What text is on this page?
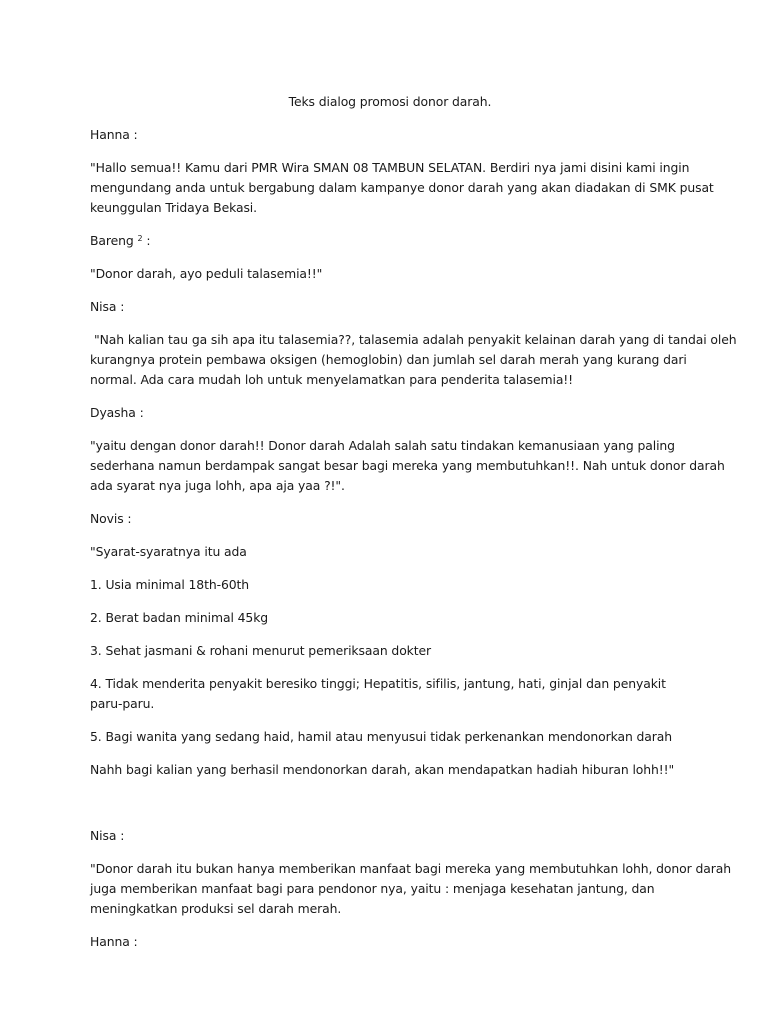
Teks dialog promosi donor darah.
Hanna :
"Hallo semua!! Kamu dari PMR Wira SMAN 08 TAMBUN SELATAN. Berdiri nya jami disini kami ingin
mengundang anda untuk bergabung dalam kampanye donor darah yang akan diadakan di SMK pusat
keunggulan Tridaya Bekasi.
Bareng $^2$ :
"Donor darah, ayo peduli talasemia!!"
Nisa :
"Nah kalian tau ga sih apa itu talasemia??, talasemia adalah penyakit kelainan darah yang di tandai oleh
kurangnya protein pembawa oksigen (hemoglobin) dan jumlah sel darah merah yang kurang dari
normal. Ada cara mudah loh untuk menyelamatkan para penderita talasemia!!
Dyasha :
"yaitu dengan donor darah!! Donor darah Adalah salah satu tindakan kemanusiaan yang paling
sederhana namun berdampak sangat besar bagi mereka yang membutuhkan!!. Nah untuk donor darah
ada syarat nya juga lohh, apa aja yaa ?!".
Novis :
"Syarat-syaratnya itu ada
1. Usia minimal 18th-60th
2. Berat badan minimal 45kg
3. Sehat jasmani & rohani menurut pemeriksaan dokter
4. Tidak menderita penyakit beresiko tinggi; Hepatitis, sifilis, jantung, hati, ginjal dan penyakit paru-paru.
5. Bagi wanita yang sedang haid, hamil atau menyusui tidak perkenankan mendonorkan darah
Nahh bagi kalian yang berhasil mendonorkan darah, akan mendapatkan hadiah hiburan lohh!!"
Nisa :
"Donor darah itu bukan hanya memberikan manfaat bagi mereka yang membutuhkan lohh, donor darah
juga memberikan manfaat bagi para pendonor nya, yaitu : menjaga kesehatan jantung, dan
meningkatkan produksi sel darah merah.
Hanna :
